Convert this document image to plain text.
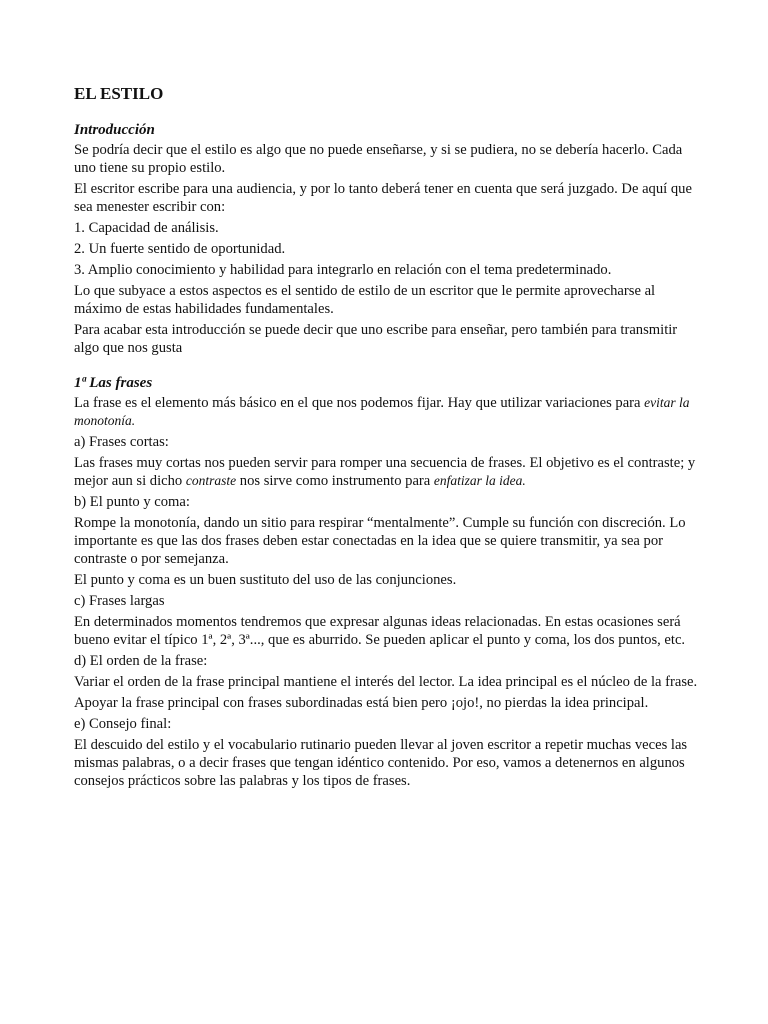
EL ESTILO
Introducción

Se podría decir que el estilo es algo que no puede enseñarse, y si se pudiera, no se debería hacerlo. Cada uno tiene su propio estilo.

El escritor escribe para una audiencia, y por lo tanto deberá tener en cuenta que será juzgado. De aquí que sea menester escribir con:

1. Capacidad de análisis.

2. Un fuerte sentido de oportunidad.

3. Amplio conocimiento y habilidad para integrarlo en relación con el tema predeterminado.

Lo que subyace a estos aspectos es el sentido de estilo de un escritor que le permite aprovecharse al máximo de estas habilidades fundamentales.

Para acabar esta introducción se puede decir que uno escribe para enseñar, pero también para transmitir algo que nos gusta

1ª Las frases

La frase es el elemento más básico en el que nos podemos fijar. Hay que utilizar variaciones para evitar la monotonía.

a) Frases cortas:

Las frases muy cortas nos pueden servir para romper una secuencia de frases. El objetivo es el contraste; y mejor aun si dicho contraste nos sirve como instrumento para enfatizar la idea.

b) El punto y coma:

Rompe la monotonía, dando un sitio para respirar “mentalmente”. Cumple su función con discreción. Lo importante es que las dos frases deben estar conectadas en la idea que se quiere transmitir, ya sea por contraste o por semejanza.

El punto y coma es un buen sustituto del uso de las conjunciones.

c) Frases largas

En determinados momentos tendremos que expresar algunas ideas relacionadas. En estas ocasiones será bueno evitar el típico 1ª, 2ª, 3ª..., que es aburrido. Se pueden aplicar el punto y coma, los dos puntos, etc.

d) El orden de la frase:

Variar el orden de la frase principal mantiene el interés del lector. La idea principal es el núcleo de la frase.

Apoyar la frase principal con frases subordinadas está bien pero ¡ojo!, no pierdas la idea principal.

e) Consejo final:

El descuido del estilo y el vocabulario rutinario pueden llevar al joven escritor a repetir muchas veces las mismas palabras, o a decir frases que tengan idéntico contenido. Por eso, vamos a detenernos en algunos consejos prácticos sobre las palabras y los tipos de frases.
